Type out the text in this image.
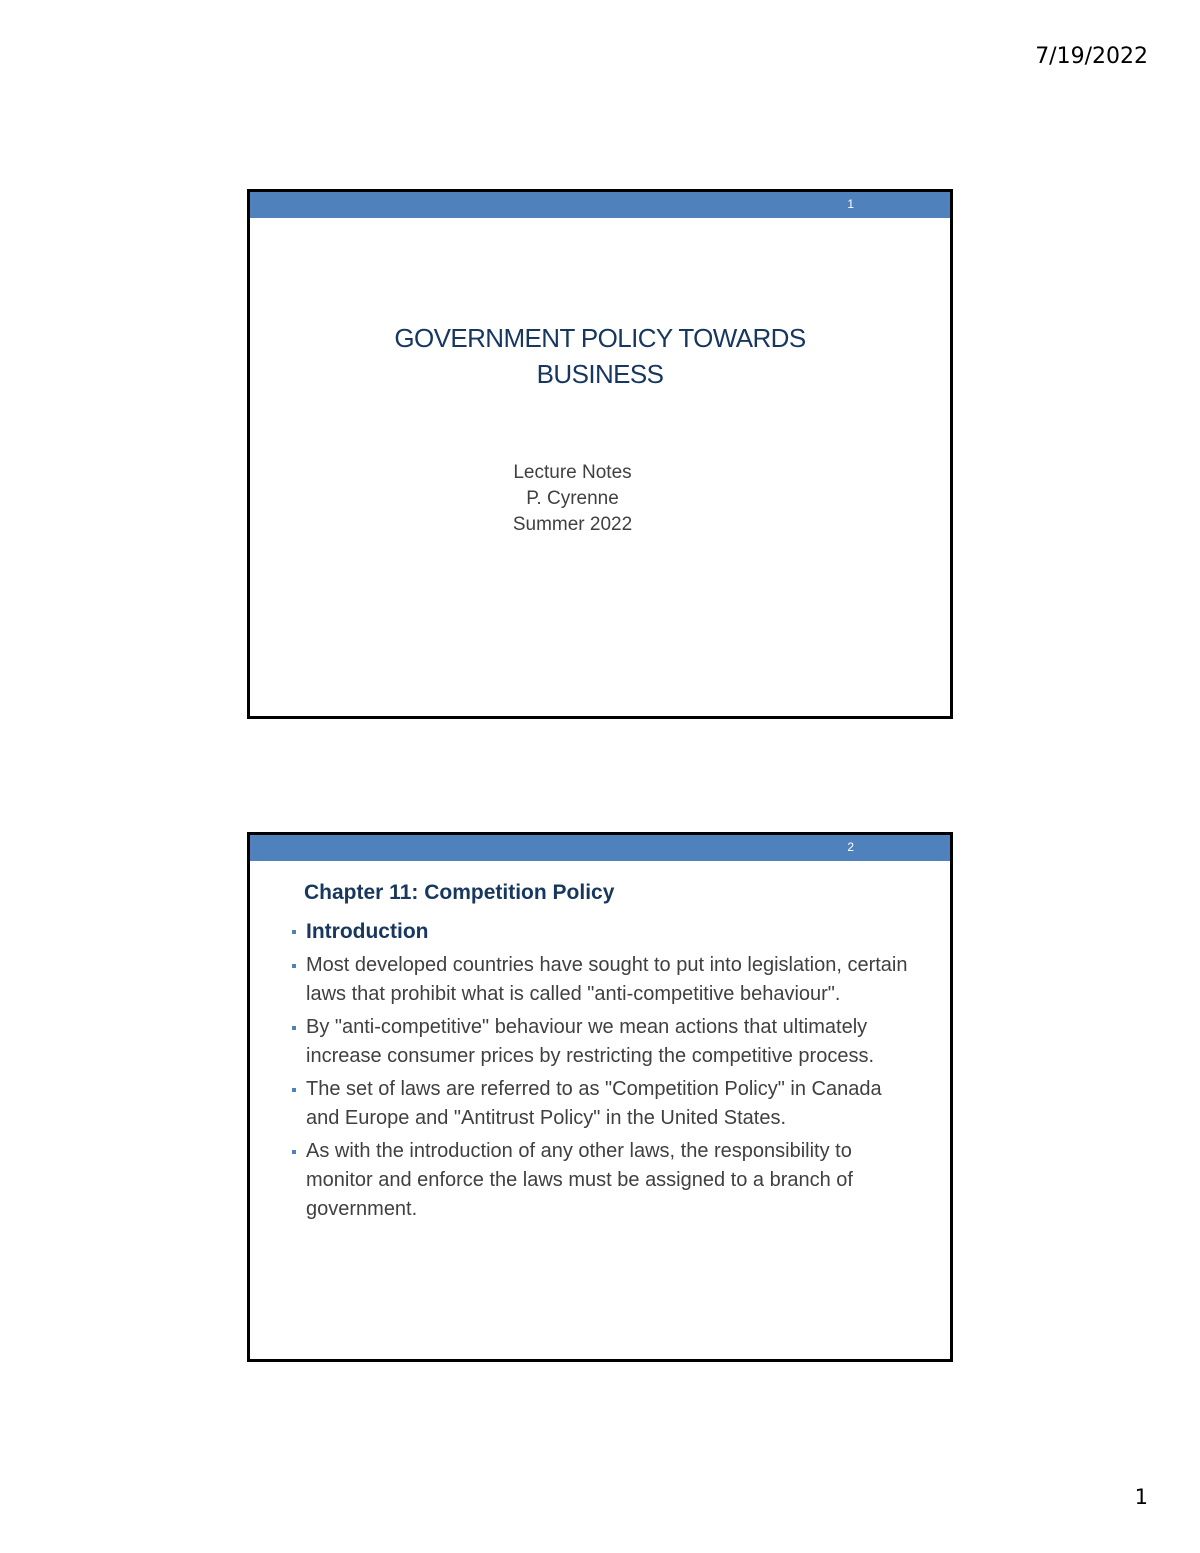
7/19/2022
1
GOVERNMENT POLICY TOWARDS
BUSINESS
Lecture Notes
P. Cyrenne
Summer 2022
2
Chapter 11: Competition Policy
Introduction
Most developed countries have sought to put into legislation, certain laws that prohibit what is called "anti-competitive behaviour".
By "anti-competitive" behaviour we mean actions that ultimately increase consumer prices by restricting the competitive process.
The set of laws are referred to as "Competition Policy" in Canada and Europe and "Antitrust Policy" in the United States.
As with the introduction of any other laws, the responsibility to monitor and enforce the laws must be assigned to a branch of government.
1
